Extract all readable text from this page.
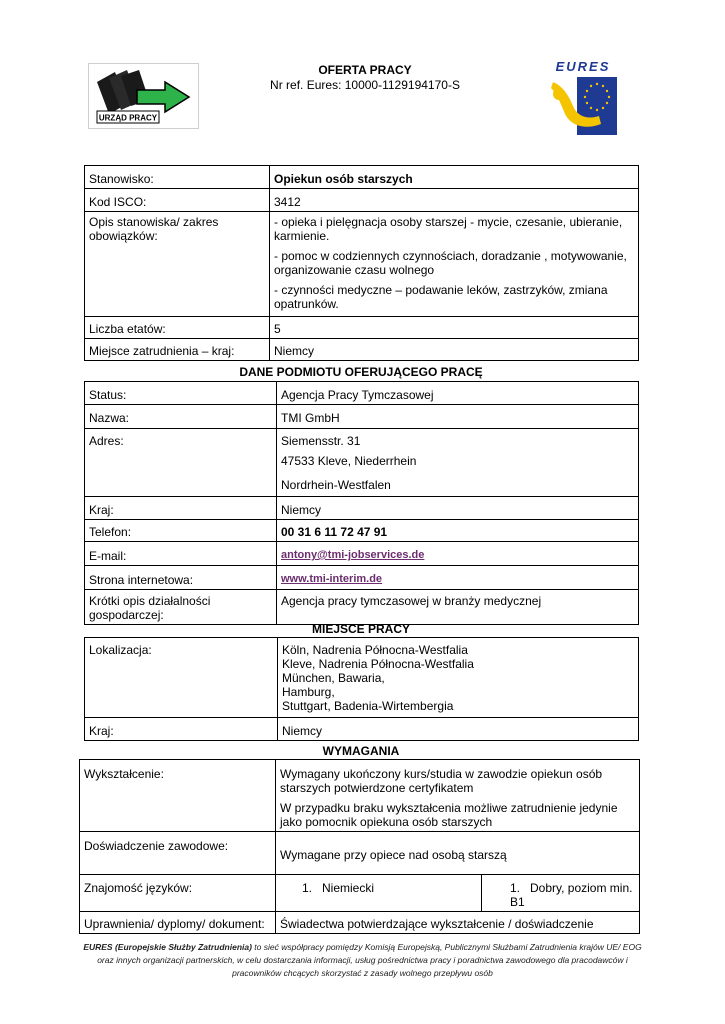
URZĄD PRACY
EURES
OFERTA PRACY
Nr ref. Eures: 10000-1129194170-S
Stanowisko:	Opiekun osób starszych
Kod ISCO:	3412
Opis stanowiska/ zakres obowiązków:	- opieka i pielęgnacja osoby starszej - mycie, czesanie, ubieranie, karmienie.

- pomoc w codziennych czynnościach, doradzanie , motywowanie, organizowanie czasu wolnego

- czynności medyczne – podawanie leków, zastrzyków, zmiana opatrunków.

Liczba etatów:	5
Miejsce zatrudnienia – kraj:	Niemcy
DANE PODMIOTU OFERUJĄCEGO PRACĘ
Status:	Agencja Pracy Tymczasowej
Nazwa:	TMI GmbH
Adres:	Siemensstr. 31
47533 Kleve, Niederrhein
Nordrhein-Westfalen

Kraj:	Niemcy
Telefon:	00 31 6 11 72 47 91
E-mail:	antony@tmi-jobservices.de
Strona internetowa:	www.tmi-interim.de
Krótki opis działalności gospodarczej:	Agencja pracy tymczasowej w branży medycznej
MIEJSCE PRACY
Lokalizacja:	Köln, Nadrenia Północna-Westfalia
Kleve, Nadrenia Północna-Westfalia
München, Bawaria,
Hamburg,
Stuttgart, Badenia-Wirtembergia

Kraj:	Niemcy
WYMAGANIA
Wykształcenie:	Wymagany ukończony kurs/studia w zawodzie opiekun osób starszych potwierdzone certyfikatem

W przypadku braku wykształcenia możliwe zatrudnienie jedynie jako pomocnik opiekuna osób starszych	

Doświadczenie zawodowe:	Wymagane przy opiece nad osobą starszą	
Znajomość języków:	1. Niemiecki	1. Dobry, poziom min. B1
Uprawnienia/ dyplomy/ dokument:	Świadectwa potwierdzające wykształcenie / doświadczenie	
EURES (Europejskie Służby Zatrudnienia) to sieć współpracy pomiędzy Komisją Europejską, Publicznymi Służbami Zatrudnienia krajów UE/ EOG
oraz innych organizacji partnerskich, w celu dostarczania informacji, usług pośrednictwa pracy i poradnictwa zawodowego dla pracodawców i
pracowników chcących skorzystać z zasady wolnego przepływu osób
